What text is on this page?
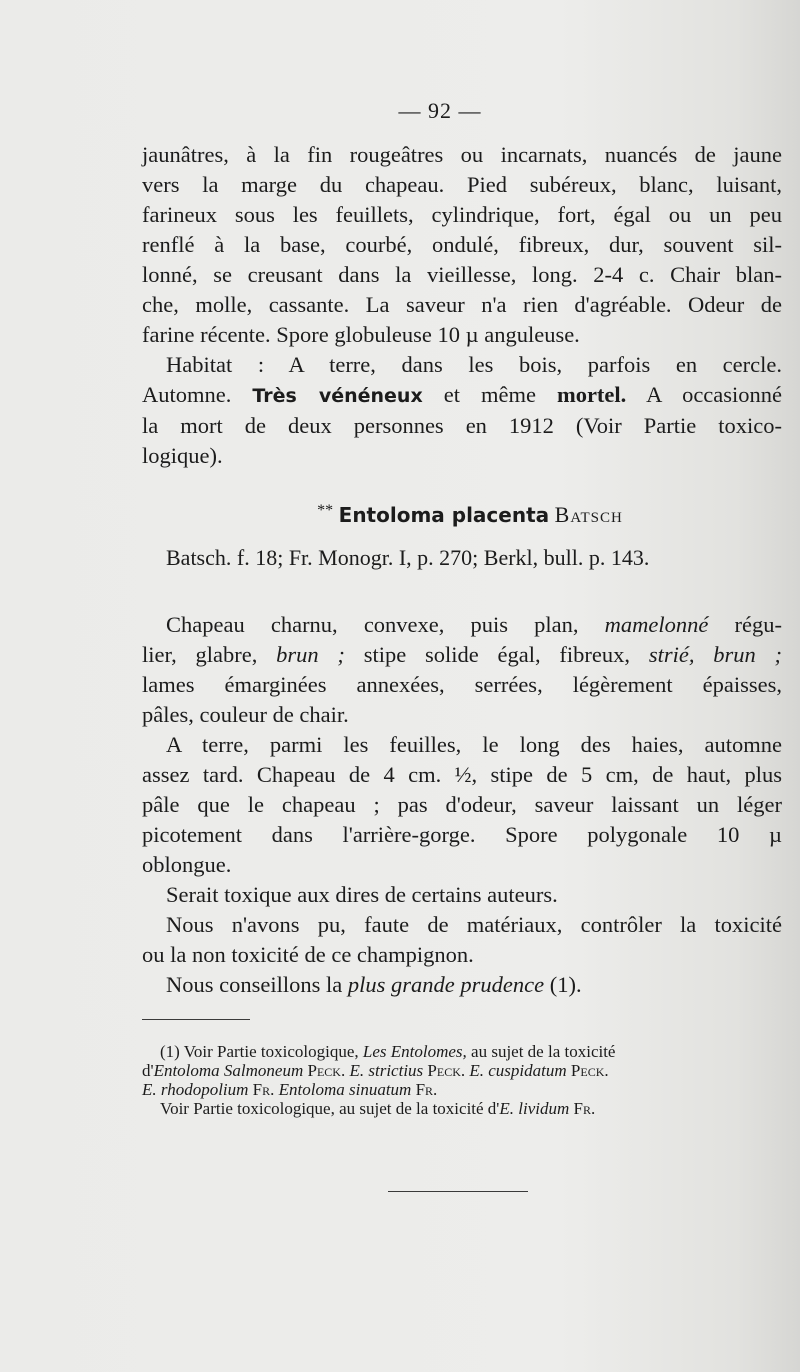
— 92 —
jaunâtres, à la fin rougeâtres ou incarnats, nuancés de jaune
vers la marge du chapeau. Pied subéreux, blanc, luisant,
farineux sous les feuillets, cylindrique, fort, égal ou un peu
renflé à la base, courbé, ondulé, fibreux, dur, souvent sil-
lonné, se creusant dans la vieillesse, long. 2-4 c. Chair blan-
che, molle, cassante. La saveur n'a rien d'agréable. Odeur de
farine récente. Spore globuleuse 10 µ anguleuse.
Habitat : A terre, dans les bois, parfois en cercle.
Automne. Très vénéneux et même mortel. A occasionné
la mort de deux personnes en 1912 (Voir Partie toxico-
logique).
** Entoloma placenta Batsch
Batsch. f. 18; Fr. Monogr. I, p. 270; Berkl, bull. p. 143.
Chapeau charnu, convexe, puis plan, mamelonné régu-
lier, glabre, brun ; stipe solide égal, fibreux, strié, brun ;
lames émarginées annexées, serrées, légèrement épaisses,
pâles, couleur de chair.
A terre, parmi les feuilles, le long des haies, automne
assez tard. Chapeau de 4 cm. ½, stipe de 5 cm, de haut, plus
pâle que le chapeau ; pas d'odeur, saveur laissant un léger
picotement dans l'arrière-gorge. Spore polygonale 10 µ
oblongue.
Serait toxique aux dires de certains auteurs.
Nous n'avons pu, faute de matériaux, contrôler la toxicité
ou la non toxicité de ce champignon.
Nous conseillons la plus grande prudence (1).
(1) Voir Partie toxicologique, Les Entolomes, au sujet de la toxicité
d'Entoloma Salmoneum Peck. E. strictius Peck. E. cuspidatum Peck.
E. rhodopolium Fr. Entoloma sinuatum Fr.
Voir Partie toxicologique, au sujet de la toxicité d'E. lividum Fr.
